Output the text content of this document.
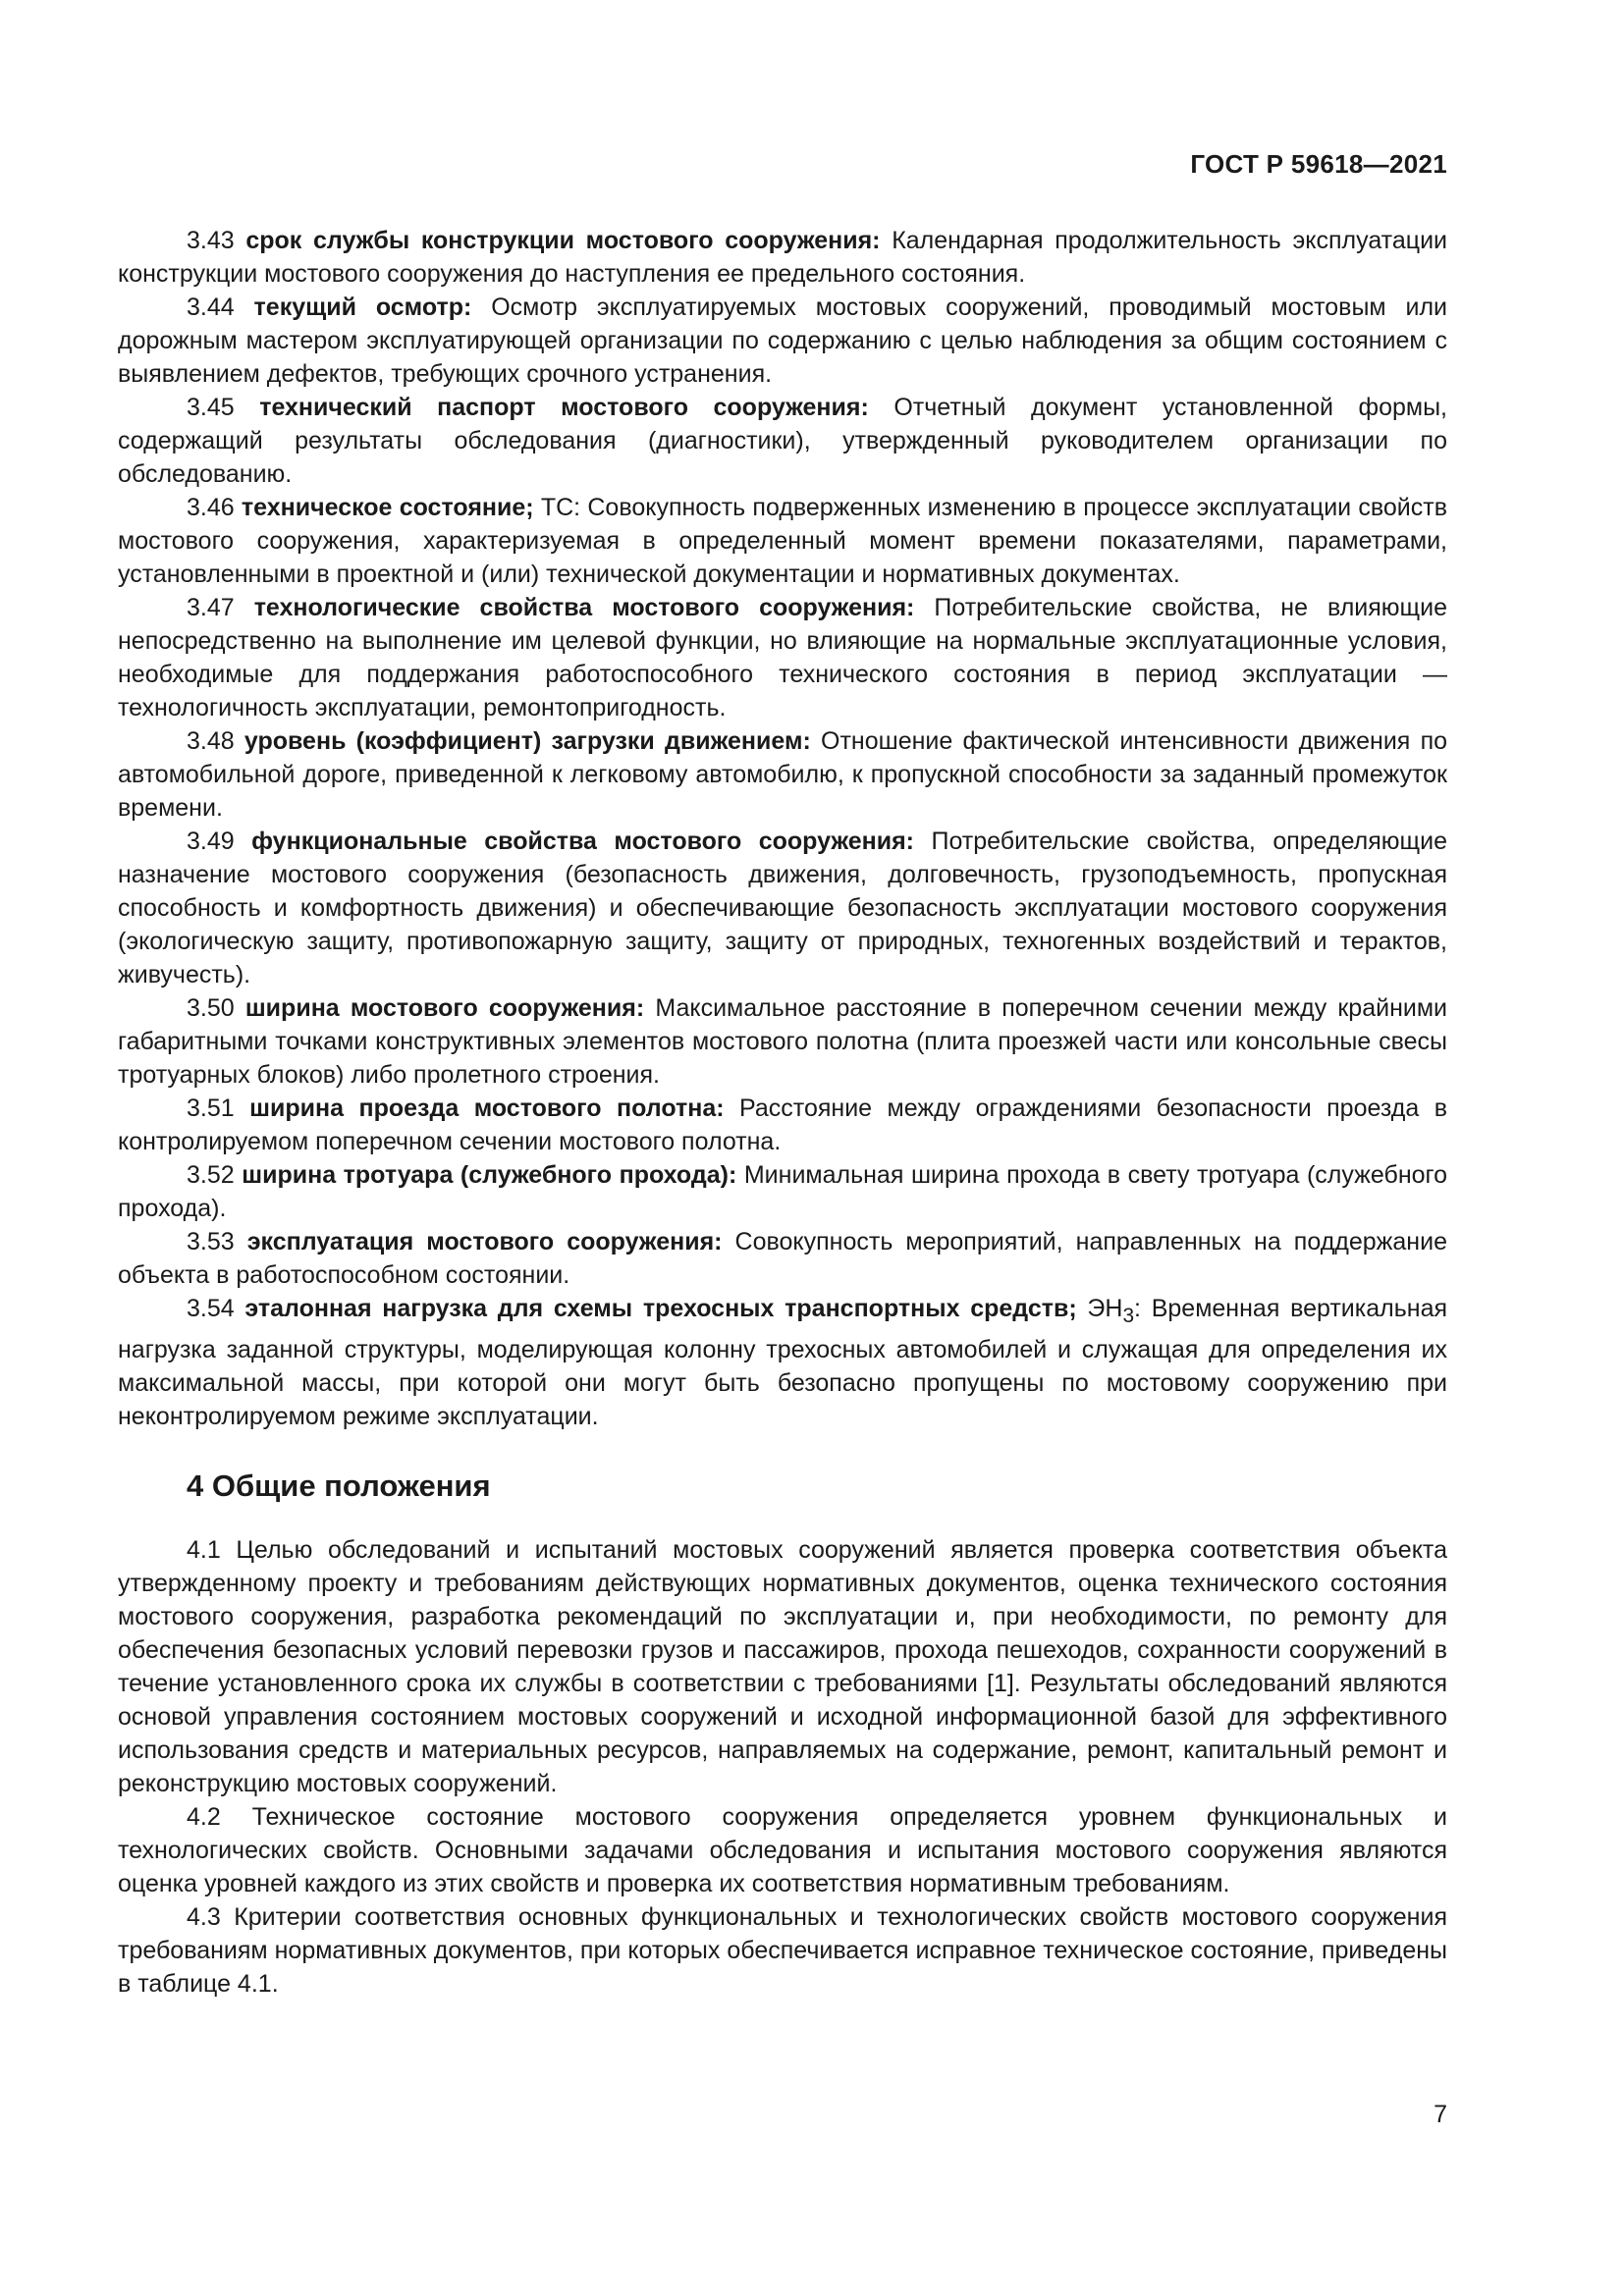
ГОСТ Р 59618—2021

3.43 срок службы конструкции мостового сооружения: Календарная продолжительность эксплуатации конструкции мостового сооружения до наступления ее предельного состояния.

3.44 текущий осмотр: Осмотр эксплуатируемых мостовых сооружений, проводимый мостовым или дорожным мастером эксплуатирующей организации по содержанию с целью наблюдения за общим состоянием с выявлением дефектов, требующих срочного устранения.

3.45 технический паспорт мостового сооружения: Отчетный документ установленной формы, содержащий результаты обследования (диагностики), утвержденный руководителем организации по обследованию.

3.46 техническое состояние; ТС: Совокупность подверженных изменению в процессе эксплуатации свойств мостового сооружения, характеризуемая в определенный момент времени показателями, параметрами, установленными в проектной и (или) технической документации и нормативных документах.

3.47 технологические свойства мостового сооружения: Потребительские свойства, не влияющие непосредственно на выполнение им целевой функции, но влияющие на нормальные эксплуатационные условия, необходимые для поддержания работоспособного технического состояния в период эксплуатации — технологичность эксплуатации, ремонтопригодность.

3.48 уровень (коэффициент) загрузки движением: Отношение фактической интенсивности движения по автомобильной дороге, приведенной к легковому автомобилю, к пропускной способности за заданный промежуток времени.

3.49 функциональные свойства мостового сооружения: Потребительские свойства, определяющие назначение мостового сооружения (безопасность движения, долговечность, грузоподъемность, пропускная способность и комфортность движения) и обеспечивающие безопасность эксплуатации мостового сооружения (экологическую защиту, противопожарную защиту, защиту от природных, техногенных воздействий и терактов, живучесть).

3.50 ширина мостового сооружения: Максимальное расстояние в поперечном сечении между крайними габаритными точками конструктивных элементов мостового полотна (плита проезжей части или консольные свесы тротуарных блоков) либо пролетного строения.

3.51 ширина проезда мостового полотна: Расстояние между ограждениями безопасности проезда в контролируемом поперечном сечении мостового полотна.

3.52 ширина тротуара (служебного прохода): Минимальная ширина прохода в свету тротуара (служебного прохода).

3.53 эксплуатация мостового сооружения: Совокупность мероприятий, направленных на поддержание объекта в работоспособном состоянии.

3.54 эталонная нагрузка для схемы трехосных транспортных средств; $ЭН_3$: Временная вертикальная нагрузка заданной структуры, моделирующая колонну трехосных автомобилей и служащая для определения их максимальной массы, при которой они могут быть безопасно пропущены по мостовому сооружению при неконтролируемом режиме эксплуатации.

4 Общие положения

4.1 Целью обследований и испытаний мостовых сооружений является проверка соответствия объекта утвержденному проекту и требованиям действующих нормативных документов, оценка технического состояния мостового сооружения, разработка рекомендаций по эксплуатации и, при необходимости, по ремонту для обеспечения безопасных условий перевозки грузов и пассажиров, прохода пешеходов, сохранности сооружений в течение установленного срока их службы в соответствии с требованиями [1]. Результаты обследований являются основой управления состоянием мостовых сооружений и исходной информационной базой для эффективного использования средств и материальных ресурсов, направляемых на содержание, ремонт, капитальный ремонт и реконструкцию мостовых сооружений.

4.2 Техническое состояние мостового сооружения определяется уровнем функциональных и технологических свойств. Основными задачами обследования и испытания мостового сооружения являются оценка уровней каждого из этих свойств и проверка их соответствия нормативным требованиям.

4.3 Критерии соответствия основных функциональных и технологических свойств мостового сооружения требованиям нормативных документов, при которых обеспечивается исправное техническое состояние, приведены в таблице 4.1.

7
